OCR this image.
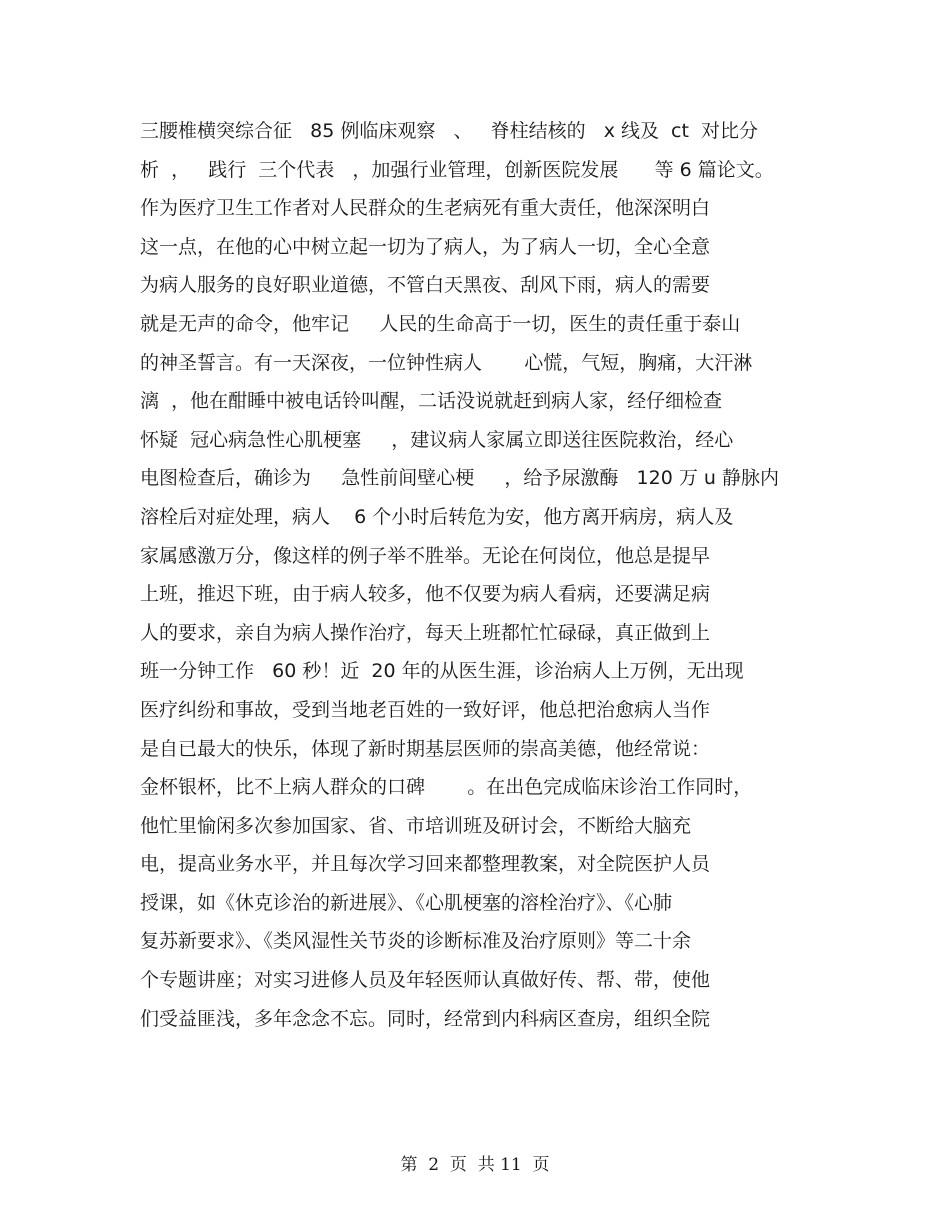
三腰椎横突综合征   85 例临床观察   、   脊柱结核的   x 线及  ct  对比分
析  ，   践行  三个代表   ，加强行业管理，创新医院发展      等 6 篇论文。
作为医疗卫生工作者对人民群众的生老病死有重大责任，他深深明白
这一点，在他的心中树立起一切为了病人，为了病人一切，全心全意
为病人服务的良好职业道德，不管白天黑夜、刮风下雨，病人的需要
就是无声的命令，他牢记     人民的生命高于一切，医生的责任重于泰山
的神圣誓言。有一天深夜，一位钟性病人       心慌，气短，胸痛，大汗淋
漓  ，他在酣睡中被电话铃叫醒，二话没说就赶到病人家，经仔细检查
怀疑  冠心病急性心肌梗塞     ，建议病人家属立即送往医院救治，经心
电图检查后，确诊为     急性前间壁心梗     ，给予尿激酶   120 万 u 静脉内
溶栓后对症处理，病人    6 个小时后转危为安，他方离开病房，病人及
家属感激万分，像这样的例子举不胜举。无论在何岗位，他总是提早
上班，推迟下班，由于病人较多，他不仅要为病人看病，还要满足病
人的要求，亲自为病人操作治疗，每天上班都忙忙碌碌，真正做到上
班一分钟工作   60 秒！近  20 年的从医生涯，诊治病人上万例，无出现
医疗纠纷和事故，受到当地老百姓的一致好评，他总把治愈病人当作
是自已最大的快乐，体现了新时期基层医师的崇高美德，他经常说：
金杯银杯，比不上病人群众的口碑       。在出色完成临床诊治工作同时，
他忙里愉闲多次参加国家、省、市培训班及研讨会，不断给大脑充
电，提高业务水平，并且每次学习回来都整理教案，对全院医护人员
授课，如《休克诊治的新进展》、《心肌梗塞的溶栓治疗》、《心肺
复苏新要求》、《类风湿性关节炎的诊断标准及治疗原则》等二十余
个专题讲座；对实习进修人员及年轻医师认真做好传、帮、带，使他
们受益匪浅，多年念念不忘。同时，经常到内科病区查房，组织全院
第  2  页  共 11  页
